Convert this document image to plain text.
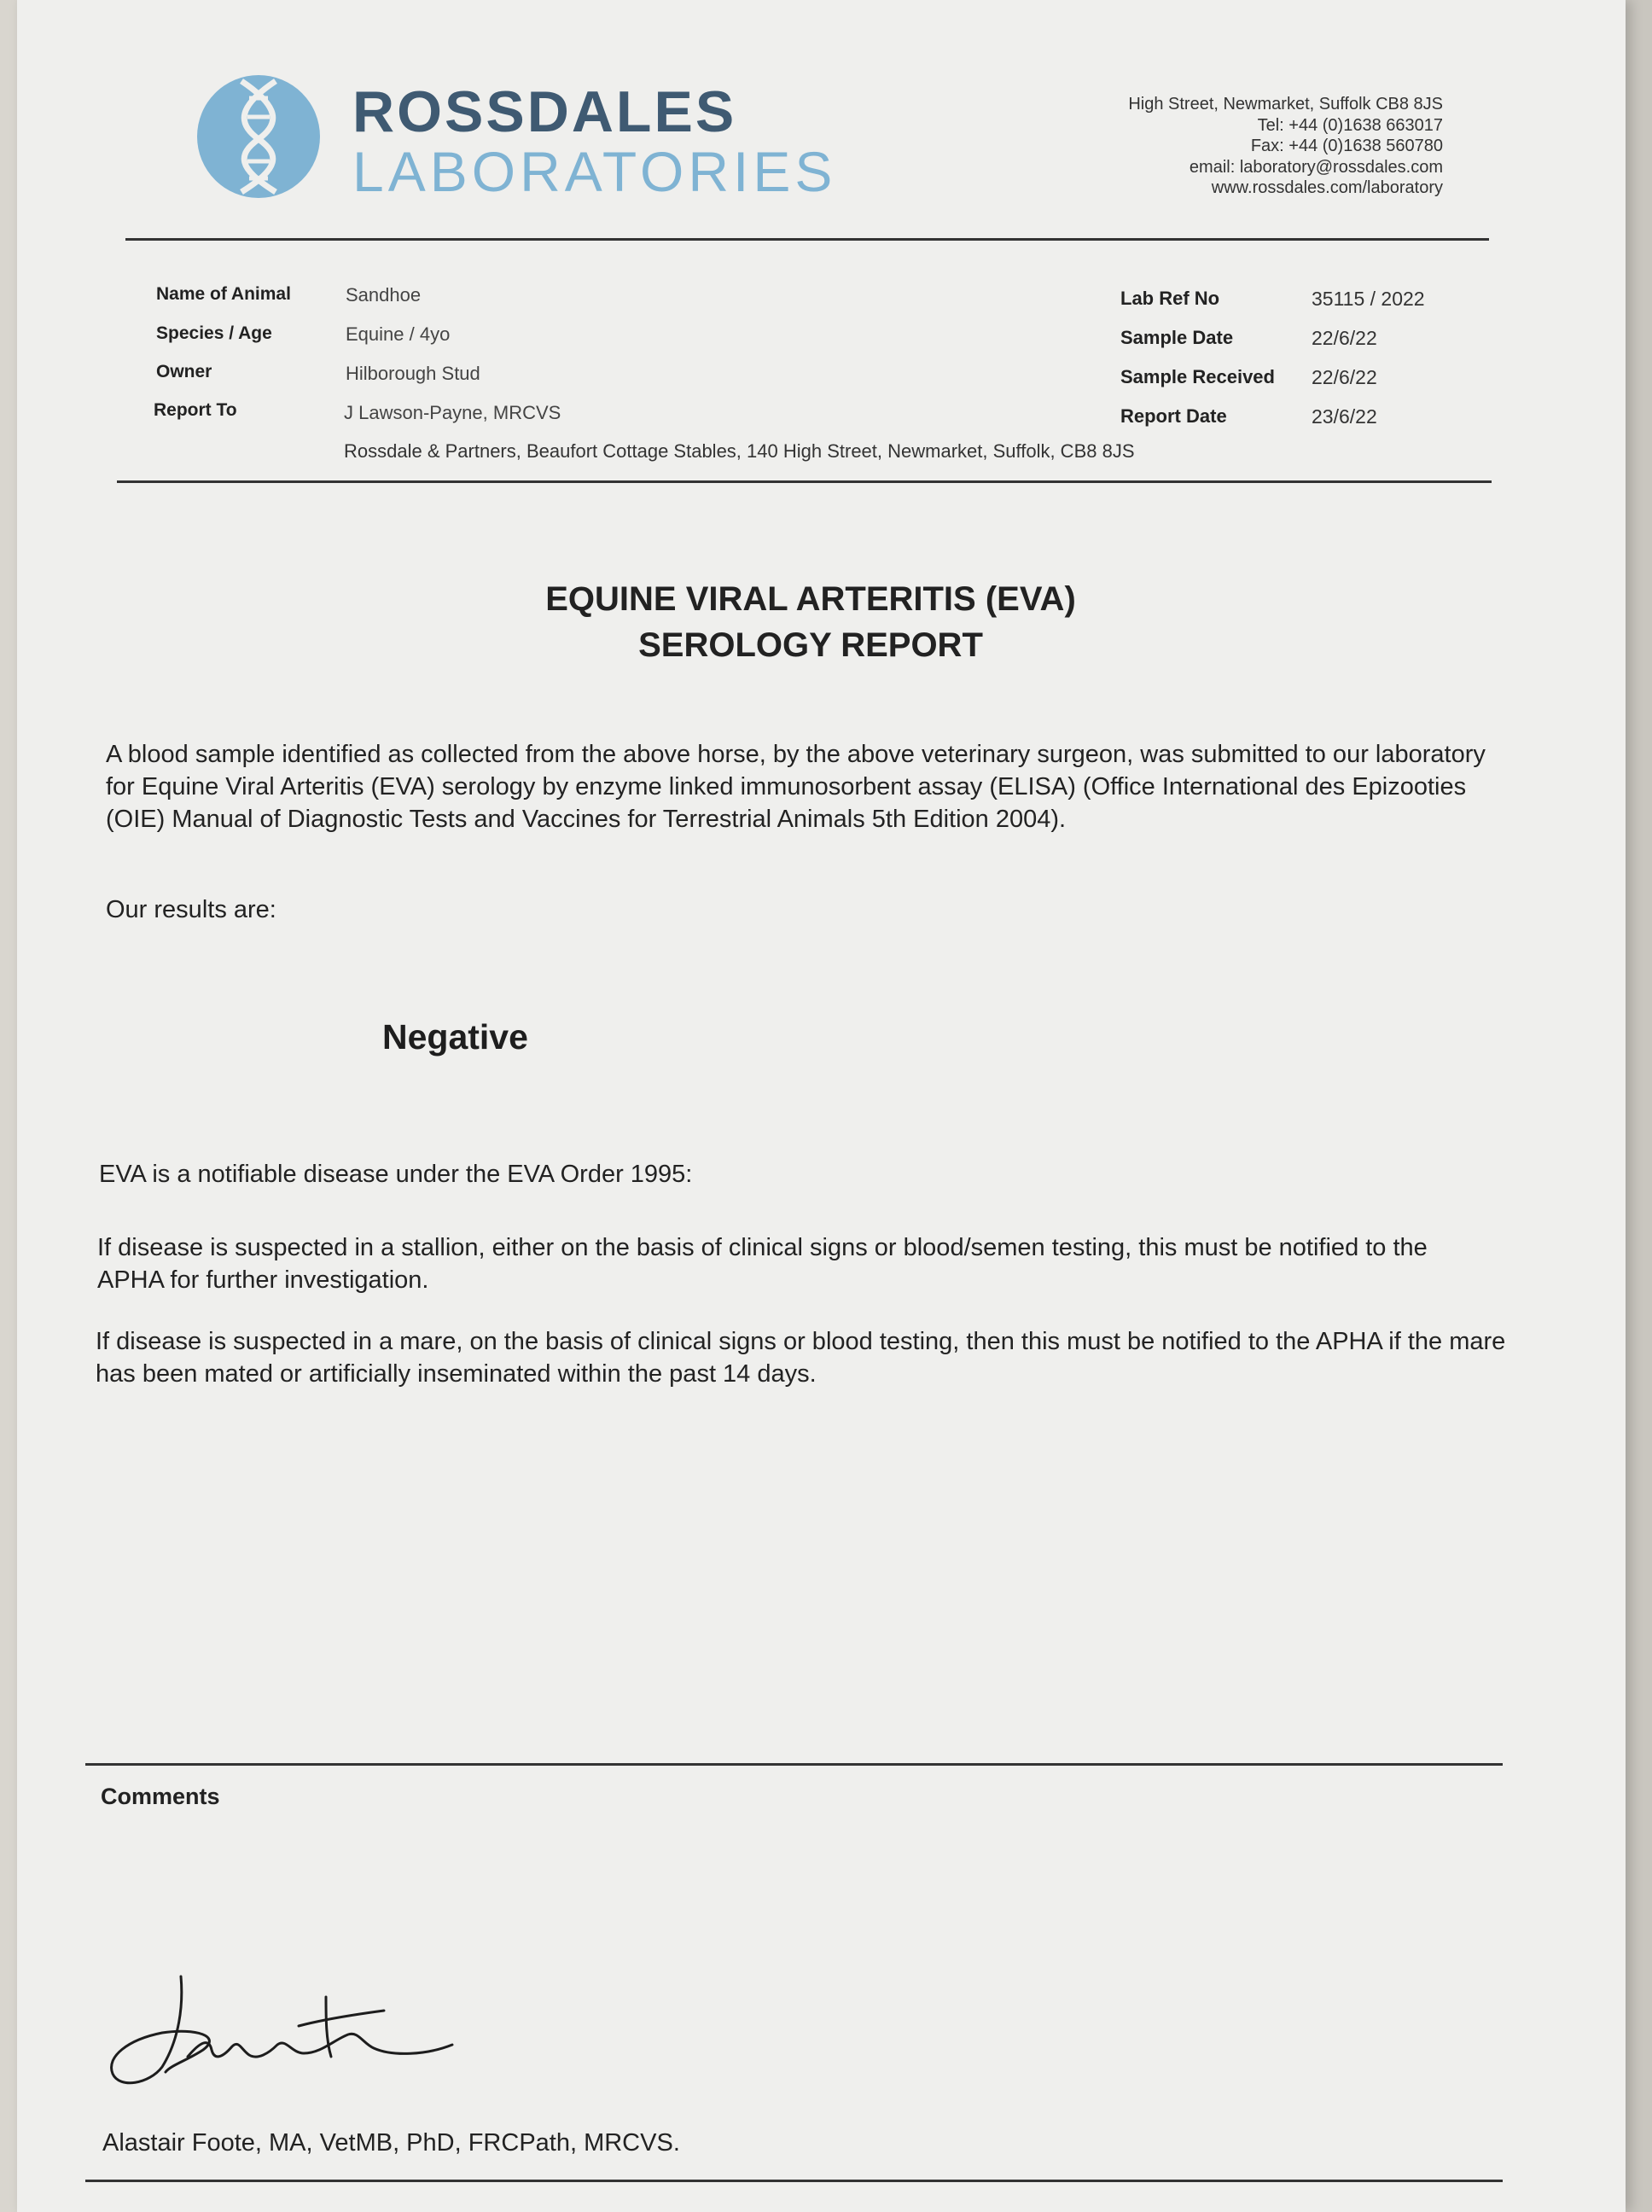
ROSSDALES
LABORATORIES
High Street, Newmarket, Suffolk CB8 8JS
Tel: +44 (0)1638 663017
Fax: +44 (0)1638 560780
email: laboratory@rossdales.com
www.rossdales.com/laboratory
Name of Animal	Sandhoe
Species / Age	Equine / 4yo
Owner	Hilborough Stud
Report To	J Lawson-Payne, MRCVS
Rossdale & Partners, Beaufort Cottage Stables, 140 High Street, Newmarket, Suffolk, CB8 8JS
Lab Ref No	35115 / 2022
Sample Date	22/6/22
Sample Received 22/6/22
Report Date	23/6/22
EQUINE VIRAL ARTERITIS (EVA)
SEROLOGY REPORT
A blood sample identified as collected from the above horse, by the above veterinary surgeon, was submitted to our laboratory for Equine Viral Arteritis (EVA) serology by enzyme linked immunosorbent assay (ELISA) (Office International des Epizooties (OIE) Manual of Diagnostic Tests and Vaccines for Terrestrial Animals 5th Edition 2004).
Our results are:
Negative
EVA is a notifiable disease under the EVA Order 1995:
If disease is suspected in a stallion, either on the basis of clinical signs or blood/semen testing, this must be notified to the APHA for further investigation.
If disease is suspected in a mare, on the basis of clinical signs or blood testing, then this must be notified to the APHA if the mare has been mated or artificially inseminated within the past 14 days.
Comments
Alastair Foote, MA, VetMB, PhD, FRCPath, MRCVS.
